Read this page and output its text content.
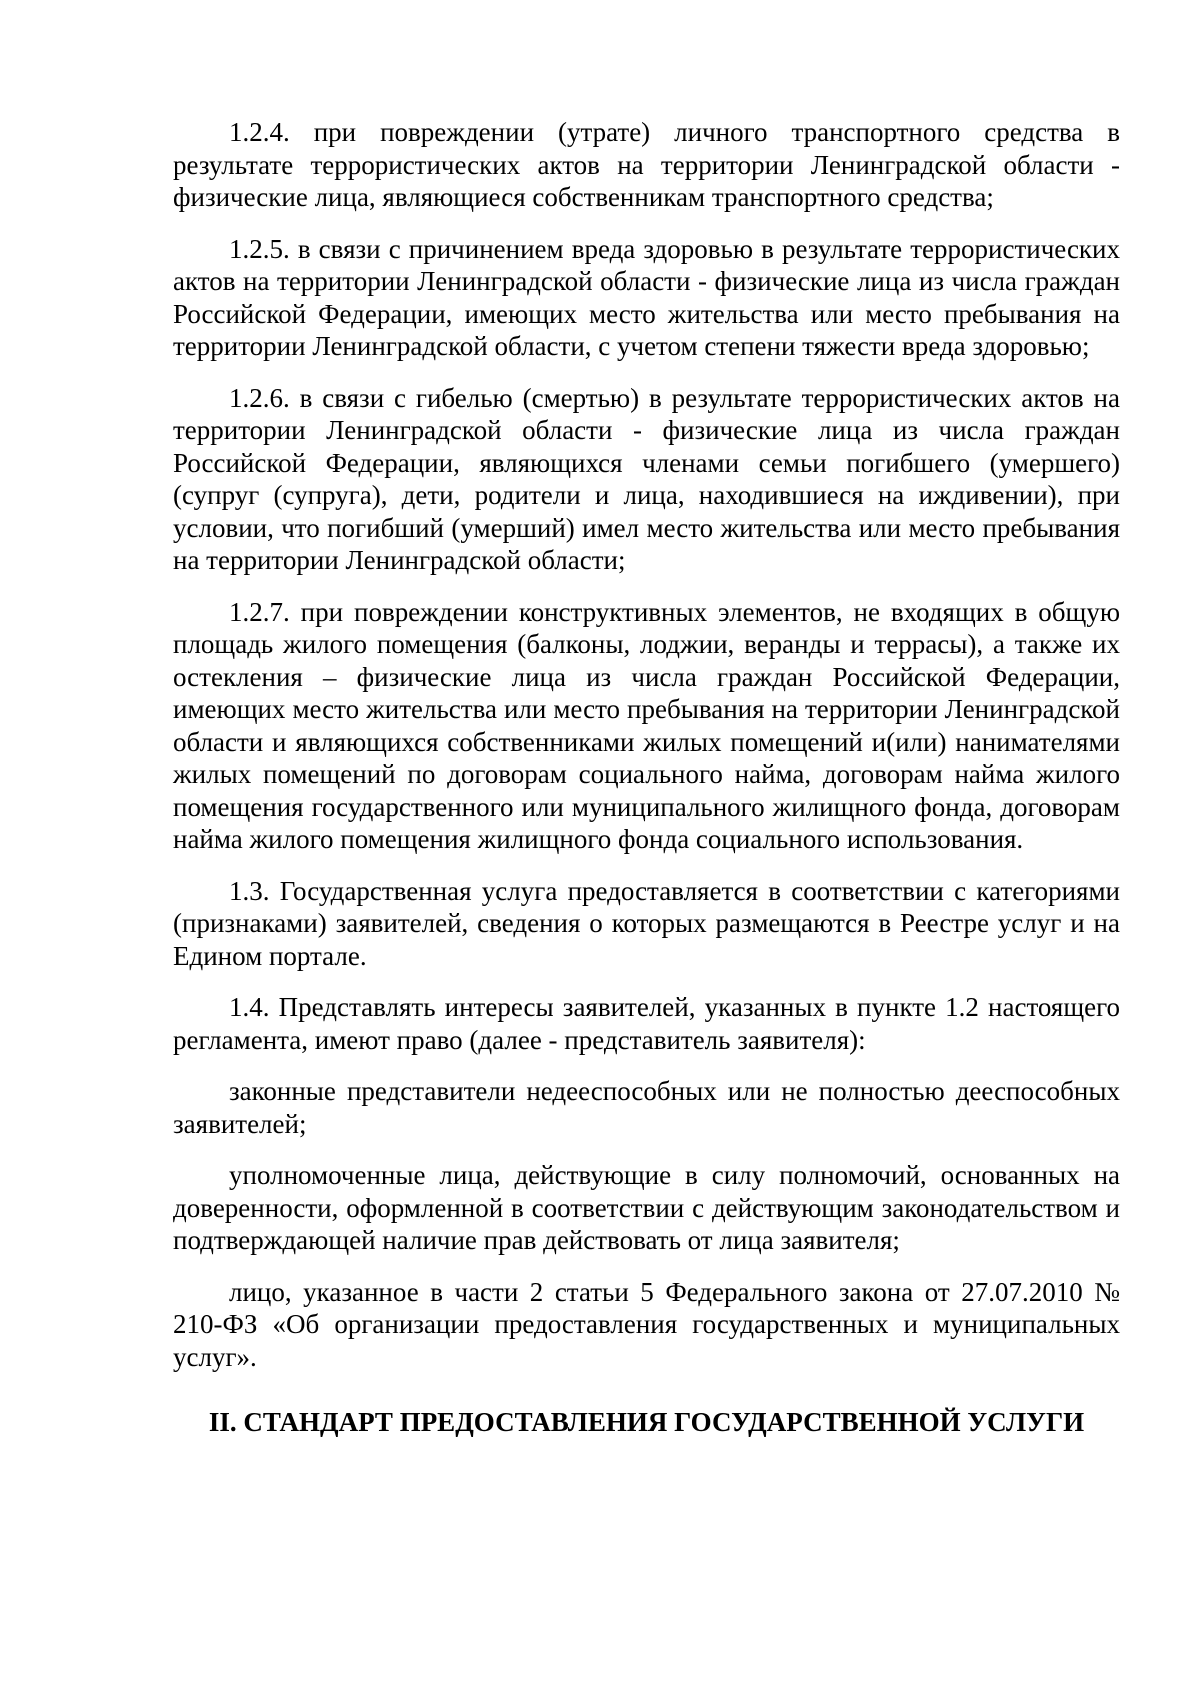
1.2.4. при повреждении (утрате) личного транспортного средства в результате террористических актов на территории Ленинградской области - физические лица, являющиеся собственникам транспортного средства;

1.2.5. в связи с причинением вреда здоровью в результате террористических актов на территории Ленинградской области - физические лица из числа граждан Российской Федерации, имеющих место жительства или место пребывания на территории Ленинградской области, с учетом степени тяжести вреда здоровью;

1.2.6. в связи с гибелью (смертью) в результате террористических актов на территории Ленинградской области - физические лица из числа граждан Российской Федерации, являющихся членами семьи погибшего (умершего) (супруг (супруга), дети, родители и лица, находившиеся на иждивении), при условии, что погибший (умерший) имел место жительства или место пребывания на территории Ленинградской области;

1.2.7. при повреждении конструктивных элементов, не входящих в общую площадь жилого помещения (балконы, лоджии, веранды и террасы), а также их остекления – физические лица из числа граждан Российской Федерации, имеющих место жительства или место пребывания на территории Ленинградской области и являющихся собственниками жилых помещений и(или) нанимателями жилых помещений по договорам социального найма, договорам найма жилого помещения государственного или муниципального жилищного фонда, договорам найма жилого помещения жилищного фонда социального использования.

1.3. Государственная услуга предоставляется в соответствии с категориями (признаками) заявителей, сведения о которых размещаются в Реестре услуг и на Едином портале.

1.4. Представлять интересы заявителей, указанных в пункте 1.2 настоящего регламента, имеют право (далее - представитель заявителя):

законные представители недееспособных или не полностью дееспособных заявителей;

уполномоченные лица, действующие в силу полномочий, основанных на доверенности, оформленной в соответствии с действующим законодательством и подтверждающей наличие прав действовать от лица заявителя;

лицо, указанное в части 2 статьи 5 Федерального закона от 27.07.2010 № 210-ФЗ «Об организации предоставления государственных и муниципальных услуг».

II. СТАНДАРТ ПРЕДОСТАВЛЕНИЯ ГОСУДАРСТВЕННОЙ УСЛУГИ
